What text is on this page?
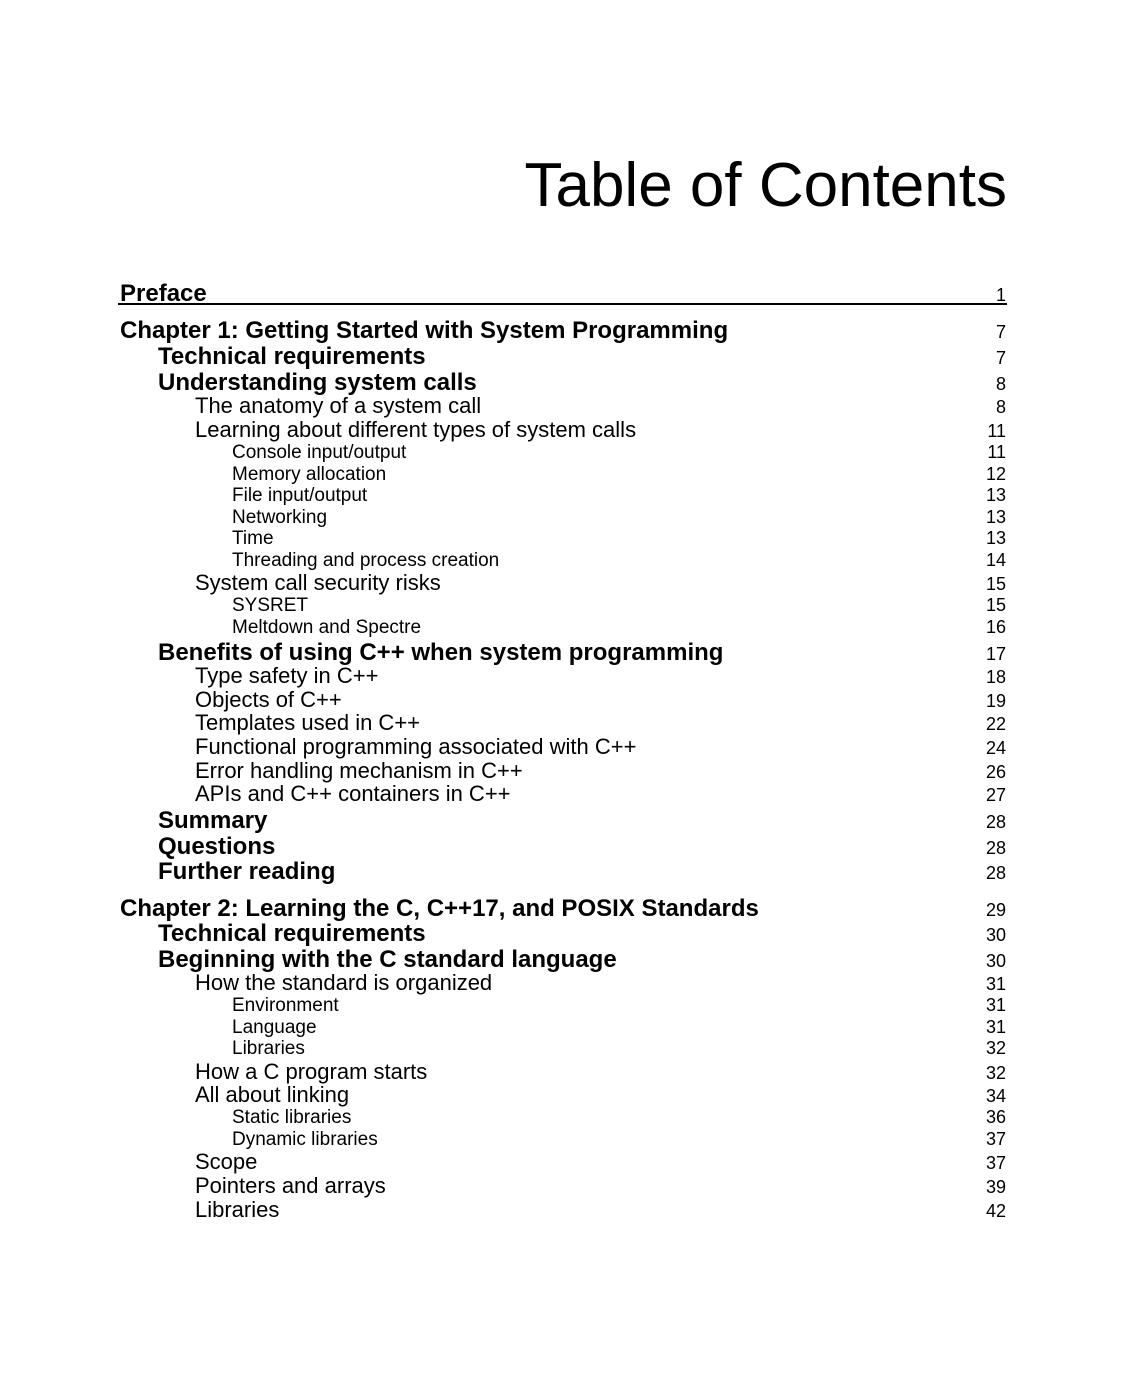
Table of Contents
Preface	1
Chapter 1: Getting Started with System Programming	7
Technical requirements	7
Understanding system calls	8
The anatomy of a system call	8
Learning about different types of system calls	11
Console input/output	11
Memory allocation	12
File input/output	13
Networking	13
Time	13
Threading and process creation	14
System call security risks	15
SYSRET	15
Meltdown and Spectre	16
Benefits of using C++ when system programming	17
Type safety in C++	18
Objects of C++	19
Templates used in C++	22
Functional programming associated with C++	24
Error handling mechanism in C++	26
APIs and C++ containers in C++	27
Summary	28
Questions	28
Further reading	28
Chapter 2: Learning the C, C++17, and POSIX Standards	29
Technical requirements	30
Beginning with the C standard language	30
How the standard is organized	31
Environment	31
Language	31
Libraries	32
How a C program starts	32
All about linking	34
Static libraries	36
Dynamic libraries	37
Scope	37
Pointers and arrays	39
Libraries	42
